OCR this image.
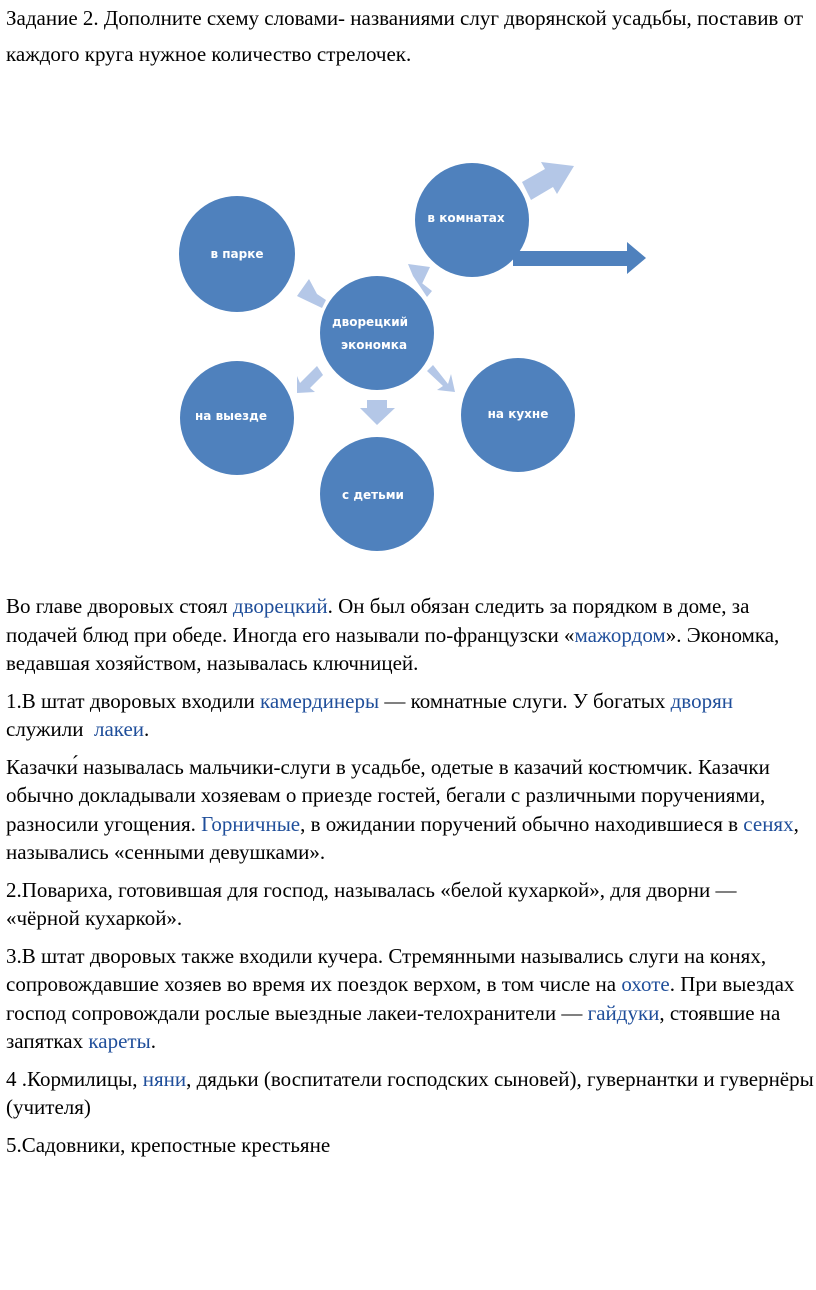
Задание 2. Дополните схему словами- названиями слуг дворянской усадьбы, поставив от каждого круга нужное количество стрелочек.

в парке
в комнатах
дворецкий
экономка
на выезде	на кухне
с детьми

Во главе дворовых стоял дворецкий. Он был обязан следить за порядком в доме, за подачей блюд при обеде. Иногда его называли по-французски «мажордом». Экономка, ведавшая хозяйством, называлась ключницей.

1.В штат дворовых входили камердинеры — комнатные слуги. У богатых дворян служили  лакеи.

Казачки́ называлась мальчики-слуги в усадьбе, одетые в казачий костюмчик. Казачки обычно докладывали хозяевам о приезде гостей, бегали с различными поручениями, разносили угощения. Горничные, в ожидании поручений обычно находившиеся в сенях, назывались «сенными девушками».

2.Повариха, готовившая для господ, называлась «белой кухаркой», для дворни — «чёрной кухаркой».

3.В штат дворовых также входили кучера. Стремянными назывались слуги на конях, сопровождавшие хозяев во время их поездок верхом, в том числе на охоте. При выездах господ сопровождали рослые выездные лакеи-телохранители — гайдуки, стоявшие на запятках кареты.

4 .Кормилицы, няни, дядьки (воспитатели господских сыновей), гувернантки и гувернёры (учителя)

5.Садовники, крепостные крестьяне
